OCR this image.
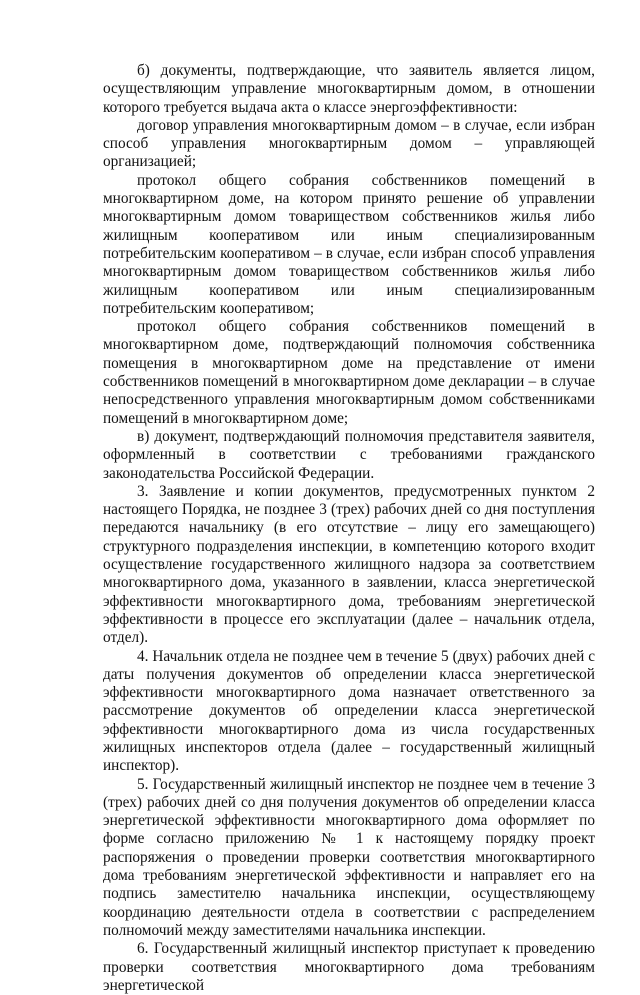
б) документы, подтверждающие, что заявитель является лицом, осуществляющим управление многоквартирным домом, в отношении которого требуется выдача акта о классе энергоэффективности:

договор управления многоквартирным домом – в случае, если избран способ управления многоквартирным домом – управляющей организацией;

протокол общего собрания собственников помещений в многоквартирном доме, на котором принято решение об управлении многоквартирным домом товариществом собственников жилья либо жилищным кооперативом или иным специализированным потребительским кооперативом – в случае, если избран способ управления многоквартирным домом товариществом собственников жилья либо жилищным кооперативом или иным специализированным потребительским кооперативом;

протокол общего собрания собственников помещений в многоквартирном доме, подтверждающий полномочия собственника помещения в многоквартирном доме на представление от имени собственников помещений в многоквартирном доме декларации – в случае непосредственного управления многоквартирным домом собственниками помещений в многоквартирном доме;

в) документ, подтверждающий полномочия представителя заявителя, оформленный в соответствии с требованиями гражданского законодательства Российской Федерации.

3. Заявление и копии документов, предусмотренных пунктом 2 настоящего Порядка, не позднее 3 (трех) рабочих дней со дня поступления передаются начальнику (в его отсутствие – лицу его замещающего) структурного подразделения инспекции, в компетенцию которого входит осуществление государственного жилищного надзора за соответствием многоквартирного дома, указанного в заявлении, класса энергетической эффективности многоквартирного дома, требованиям энергетической эффективности в процессе его эксплуатации (далее – начальник отдела, отдел).

4. Начальник отдела не позднее чем в течение 5 (двух) рабочих дней с даты получения документов об определении класса энергетической эффективности многоквартирного дома назначает ответственного за рассмотрение документов об определении класса энергетической эффективности многоквартирного дома из числа государственных жилищных инспекторов отдела (далее – государственный жилищный инспектор).

5. Государственный жилищный инспектор не позднее чем в течение 3 (трех) рабочих дней со дня получения документов об определении класса энергетической эффективности многоквартирного дома оформляет по форме согласно приложению № 1 к настоящему порядку проект распоряжения о проведении проверки соответствия многоквартирного дома требованиям энергетической эффективности и направляет его на подпись заместителю начальника инспекции, осуществляющему координацию деятельности отдела в соответствии с распределением полномочий между заместителями начальника инспекции.

6. Государственный жилищный инспектор приступает к проведению проверки соответствия многоквартирного дома требованиям энергетической
